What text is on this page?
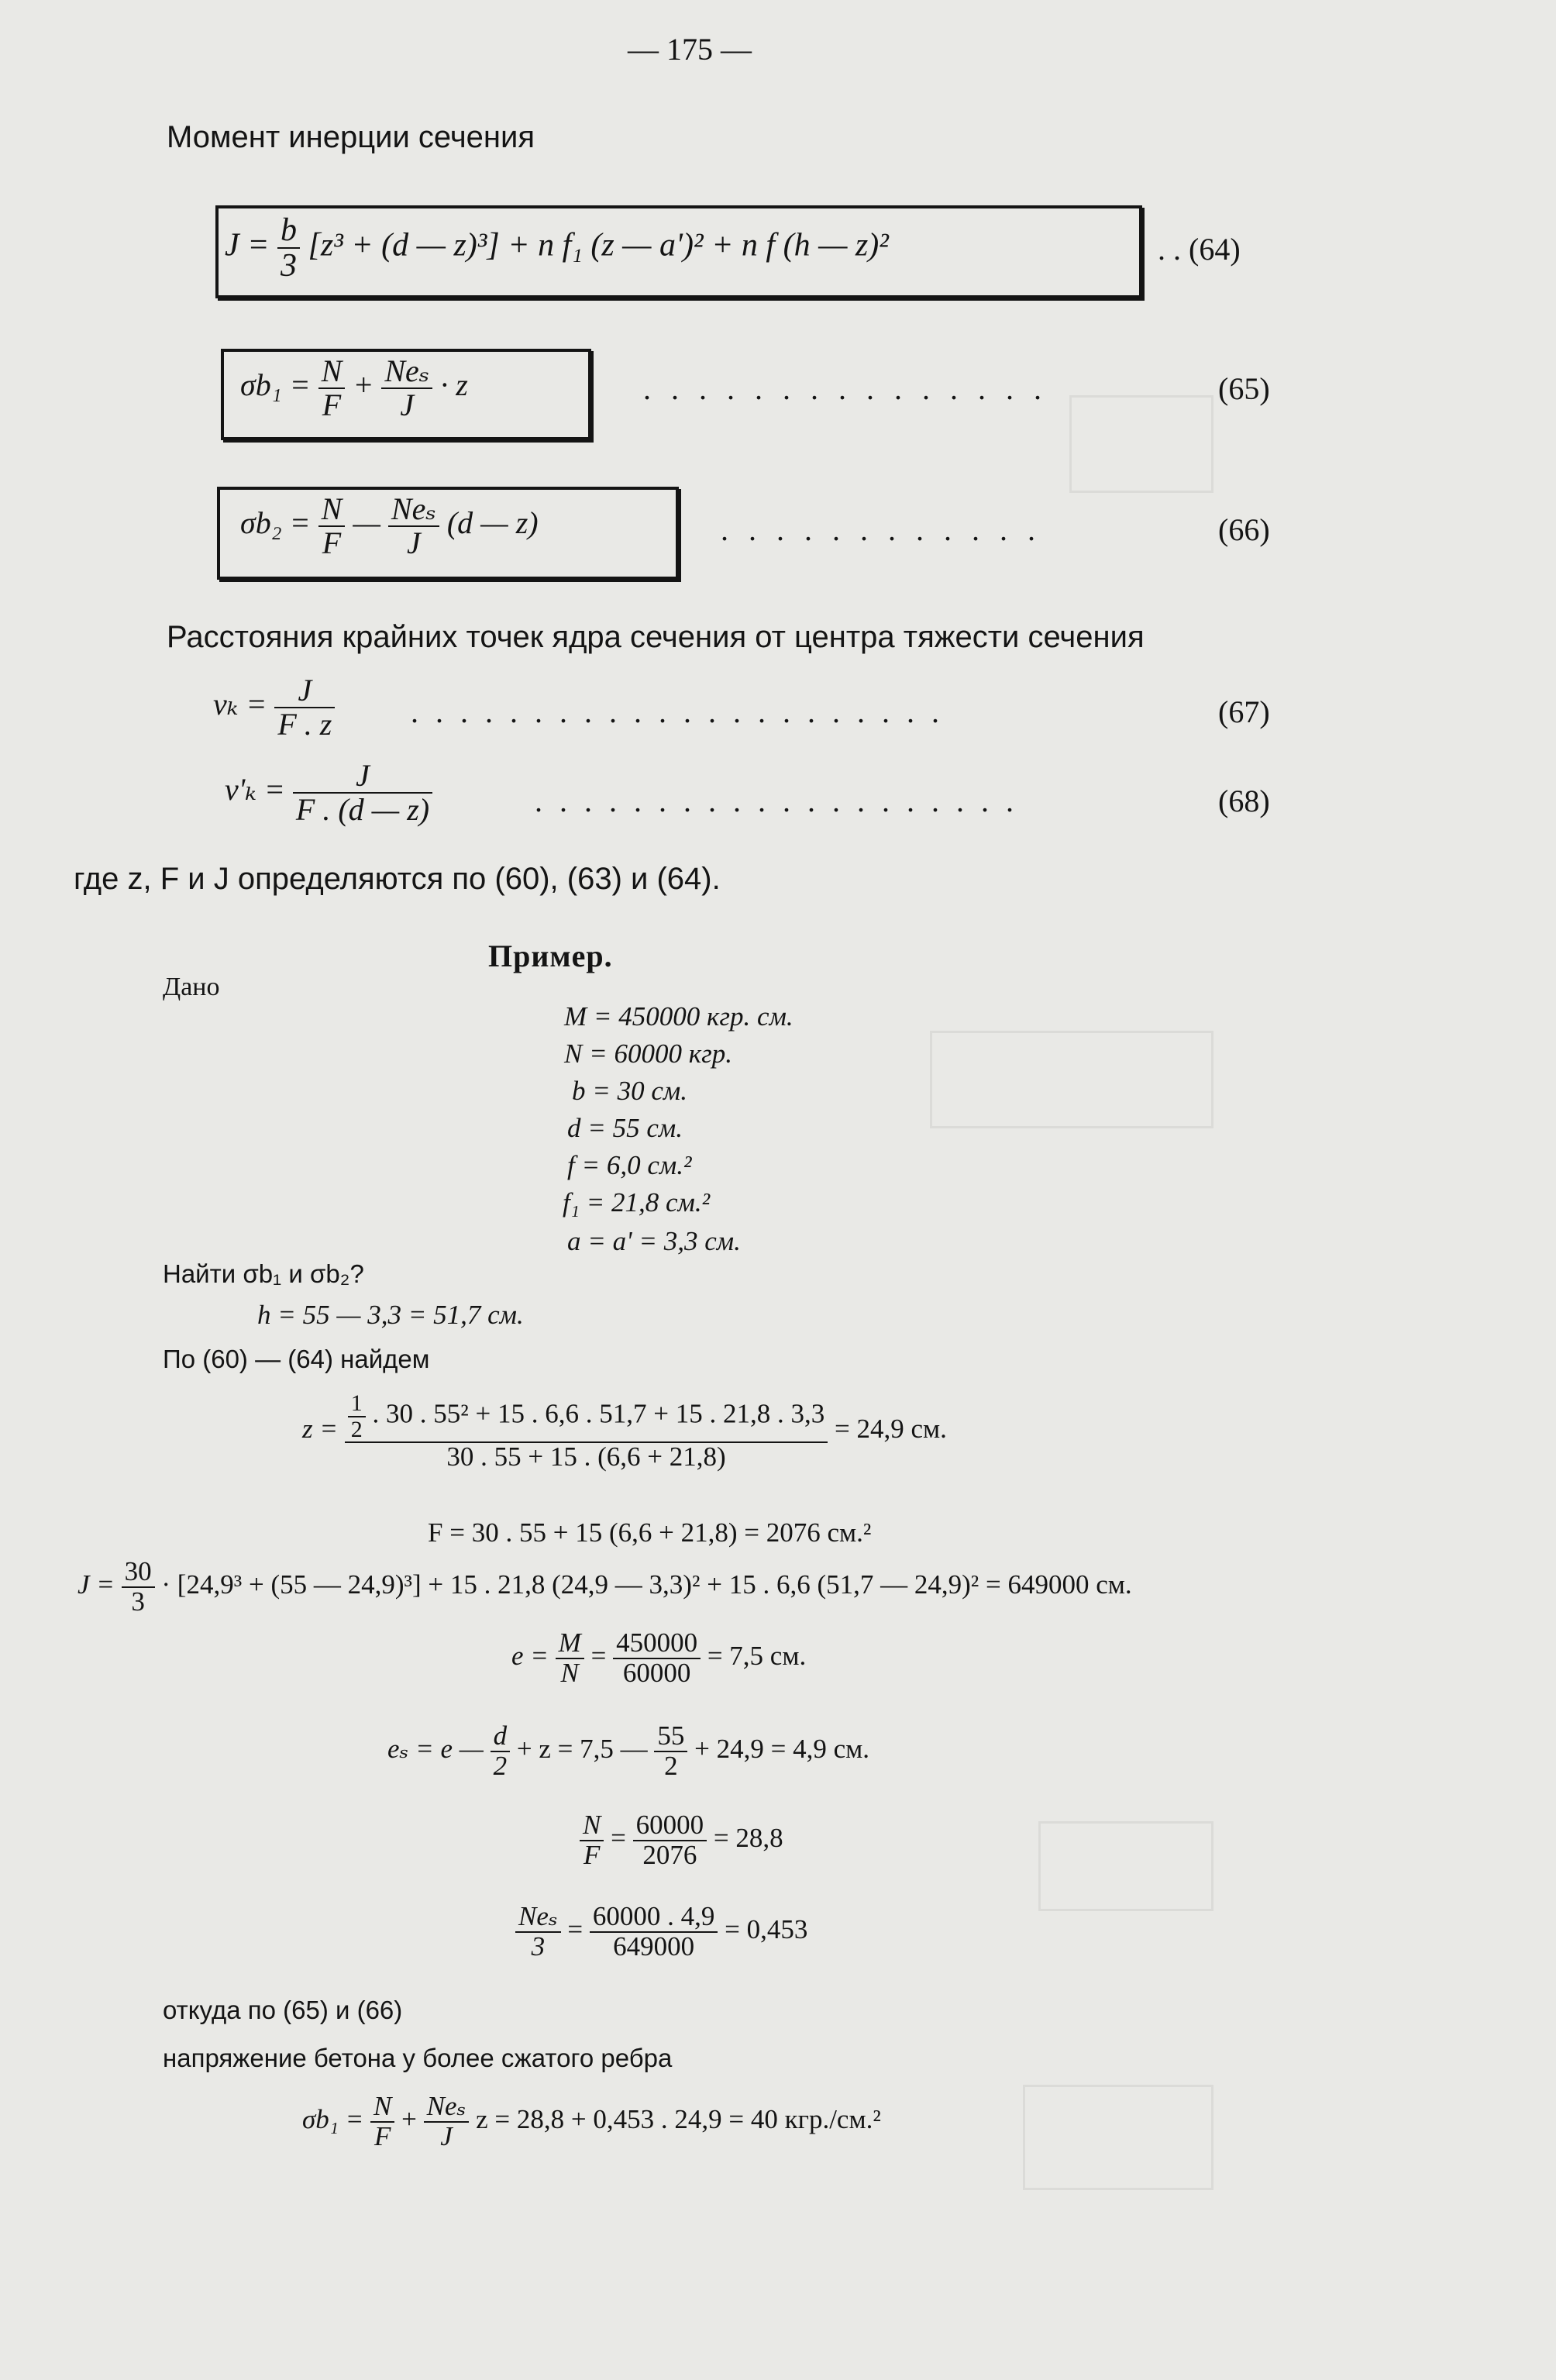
— 175 —
Момент инерции сечения
$J = \frac{b}{3} [z^3 + (d$ — z)³] + n f₁ (z — a')² + n f (h — z)²	. . (64)
$\sigma b_1 = \frac{N}{F} + \frac{\text{Neₛ}}{J} \cdot z$	. . . . . . . . . . . . . . .	(65)
$\sigma b_2 = \frac{N}{F}$ — $\frac{\text{Neₛ}}{J} (d$ — z)	. . . . . . . . . . . .	(66)
Расстояния крайних точек ядра сечения от центра тяжести сечения
$v_k = \frac{J}{F . z}$ . . . . . . . . . . . . . . . . . . . . . .	(67)
$v'_k = \frac{J}{F . (d — z)}$	. . . . . . . . . . . . . . . . . . . .	(68)
где z, F и J определяются по (60), (63) и (64).
Пример.
Дано
M = 450000 кгр. см.
N = 60000 кгр.
b = 30 см.
d = 55 см.
f = 6,0 см.²
f₁ = 21,8 см.²
a = a' = 3,3 см.
Найти σb₁ и σb₂?
h = 55 — 3,3 = 51,7 см.
По (60) — (64) найдем
$z = \frac{1}{2}$ . 30 . 55² + 15 . 6,6 . 51,7 + 15 . 21,8 . 3,3
30 . 55 + 15 . (6,6 + 21,8)
= 24,9 см.
F = 30 . 55 + 15 (6,6 + 21,8) = 2076 см.²
$J = \frac{30}{3} \cdot [24,9^3 + (55$ — 24,9)³] + 15 . 21,8 (24,9 — 3,3)² + 15 . 6,6 (51,7 — 24,9)² = 649000 см.
$e = \frac{M}{N} = \frac{450000}{60000} = 7,5$ см.
eₛ = e — $\frac{d}{2} + z = 7,5$ — $\frac{55}{2} + 24,9 = 4,9$ см.
$\frac{N}{F} = \frac{60000}{2076} = 28,8$
$\frac{\text{Neₛ}}{3} = \frac{60000 . 4,9}{649000} = 0,453$
откуда по (65) и (66)
напряжение бетона у более сжатого ребра
$\sigma b_1 = \frac{N}{F} + \frac{\text{Neₛ}}{J}$ z = 28,8 + 0,453 . 24,9 = 40 кгр./см.²
